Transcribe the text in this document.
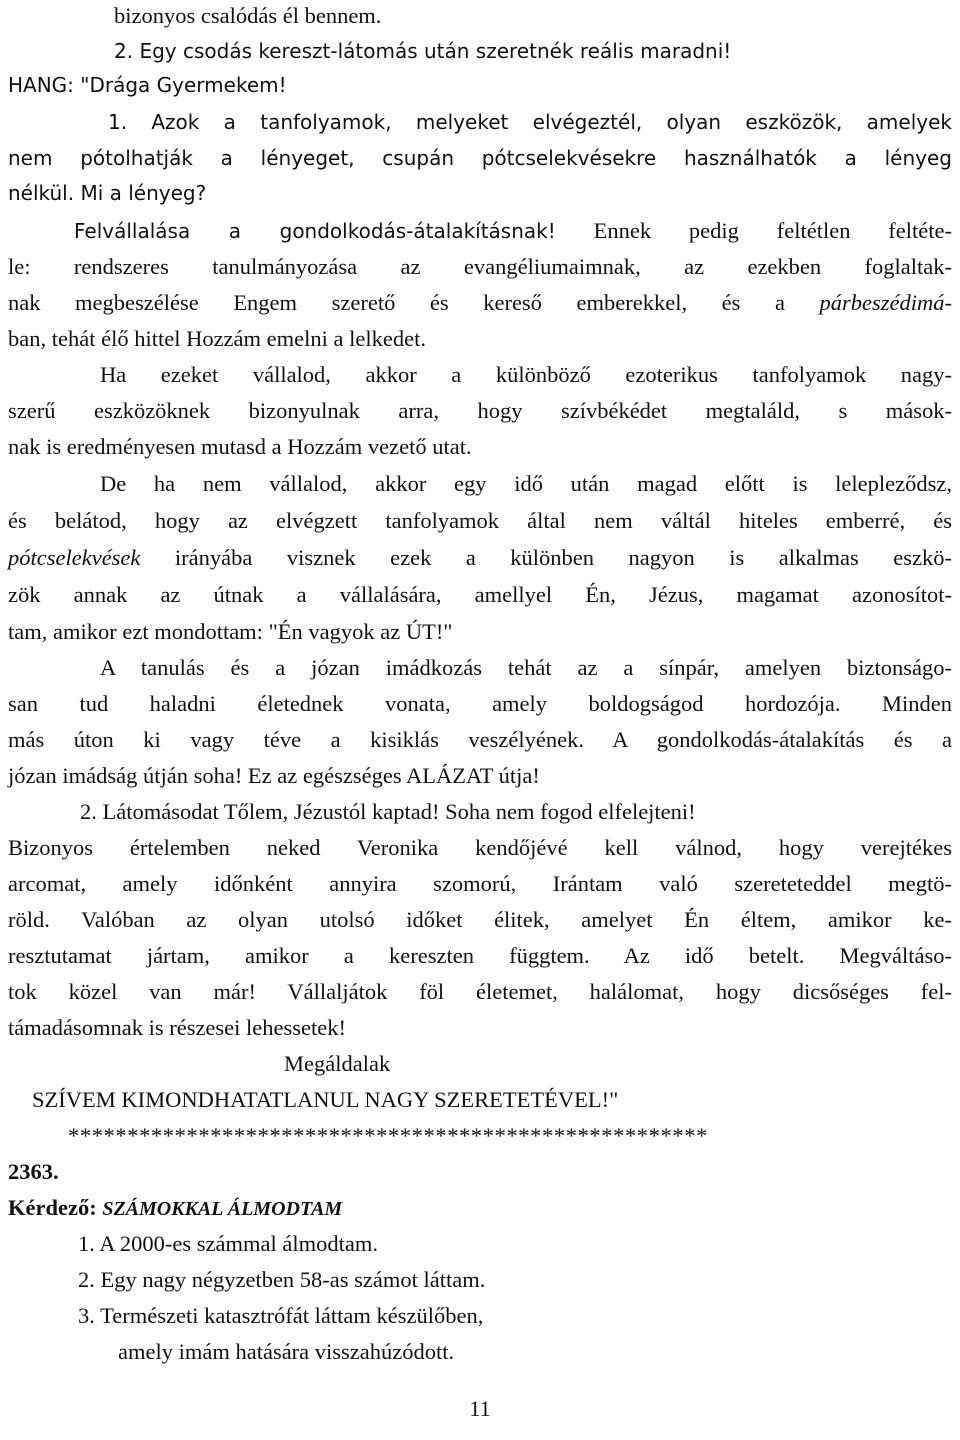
bizonyos csalódás él bennem.

2. Egy csodás kereszt-látomás után szeretnék reális maradni!

HANG: "Drága Gyermekem!

1. Azok a tanfolyamok, melyeket elvégeztél, olyan eszközök, amelyek

nem pótolhatják a lényeget, csupán pótcselekvésekre használhatók a lényeg

nélkül. Mi a lényeg?

Felvállalása a gondolkodás-átalakításnak! Ennek pedig feltétlen feltéte-

le: rendszeres tanulmányozása az evangéliumaimnak, az ezekben foglaltak-

nak megbeszélése Engem szerető és kereső emberekkel, és a párbeszédimá-

ban, tehát élő hittel Hozzám emelni a lelkedet.

Ha ezeket vállalod, akkor a különböző ezoterikus tanfolyamok nagy-

szerű eszközöknek bizonyulnak arra, hogy szívbékédet megtaláld, s mások-

nak is eredményesen mutasd a Hozzám vezető utat.

De ha nem vállalod, akkor egy idő után magad előtt is lelepleződsz,

és belátod, hogy az elvégzett tanfolyamok által nem váltál hiteles emberré, és

pótcselekvések irányába visznek ezek a különben nagyon is alkalmas eszkö-

zök annak az útnak a vállalására, amellyel Én, Jézus, magamat azonosítot-

tam, amikor ezt mondottam: "Én vagyok az ÚT!"

A tanulás és a józan imádkozás tehát az a sínpár, amelyen biztonságo-

san tud haladni életednek vonata, amely boldogságod hordozója. Minden

más úton ki vagy téve a kisiklás veszélyének. A gondolkodás-átalakítás és a

józan imádság útján soha! Ez az egészséges ALÁZAT útja!

2. Látomásodat Tőlem, Jézustól kaptad! Soha nem fogod elfelejteni!

Bizonyos értelemben neked Veronika kendőjévé kell válnod, hogy verejtékes

arcomat, amely időnként annyira szomorú, Irántam való szereteteddel megtö-

röld. Valóban az olyan utolsó időket élitek, amelyet Én éltem, amikor ke-

resztutamat jártam, amikor a kereszten függtem. Az idő betelt. Megváltáso-

tok közel van már! Vállaljátok föl életemet, halálomat, hogy dicsőséges fel-

támadásomnak is részesei lehessetek!

Megáldalak

SZÍVEM KIMONDHATATLANUL NAGY SZERETETÉVEL!"

******************************************************

2363.

Kérdező: SZÁMOKKAL ÁLMODTAM

1. A 2000-es számmal álmodtam.

2. Egy nagy négyzetben 58-as számot láttam.

3. Természeti katasztrófát láttam készülőben,

amely imám hatására visszahúzódott.

11
